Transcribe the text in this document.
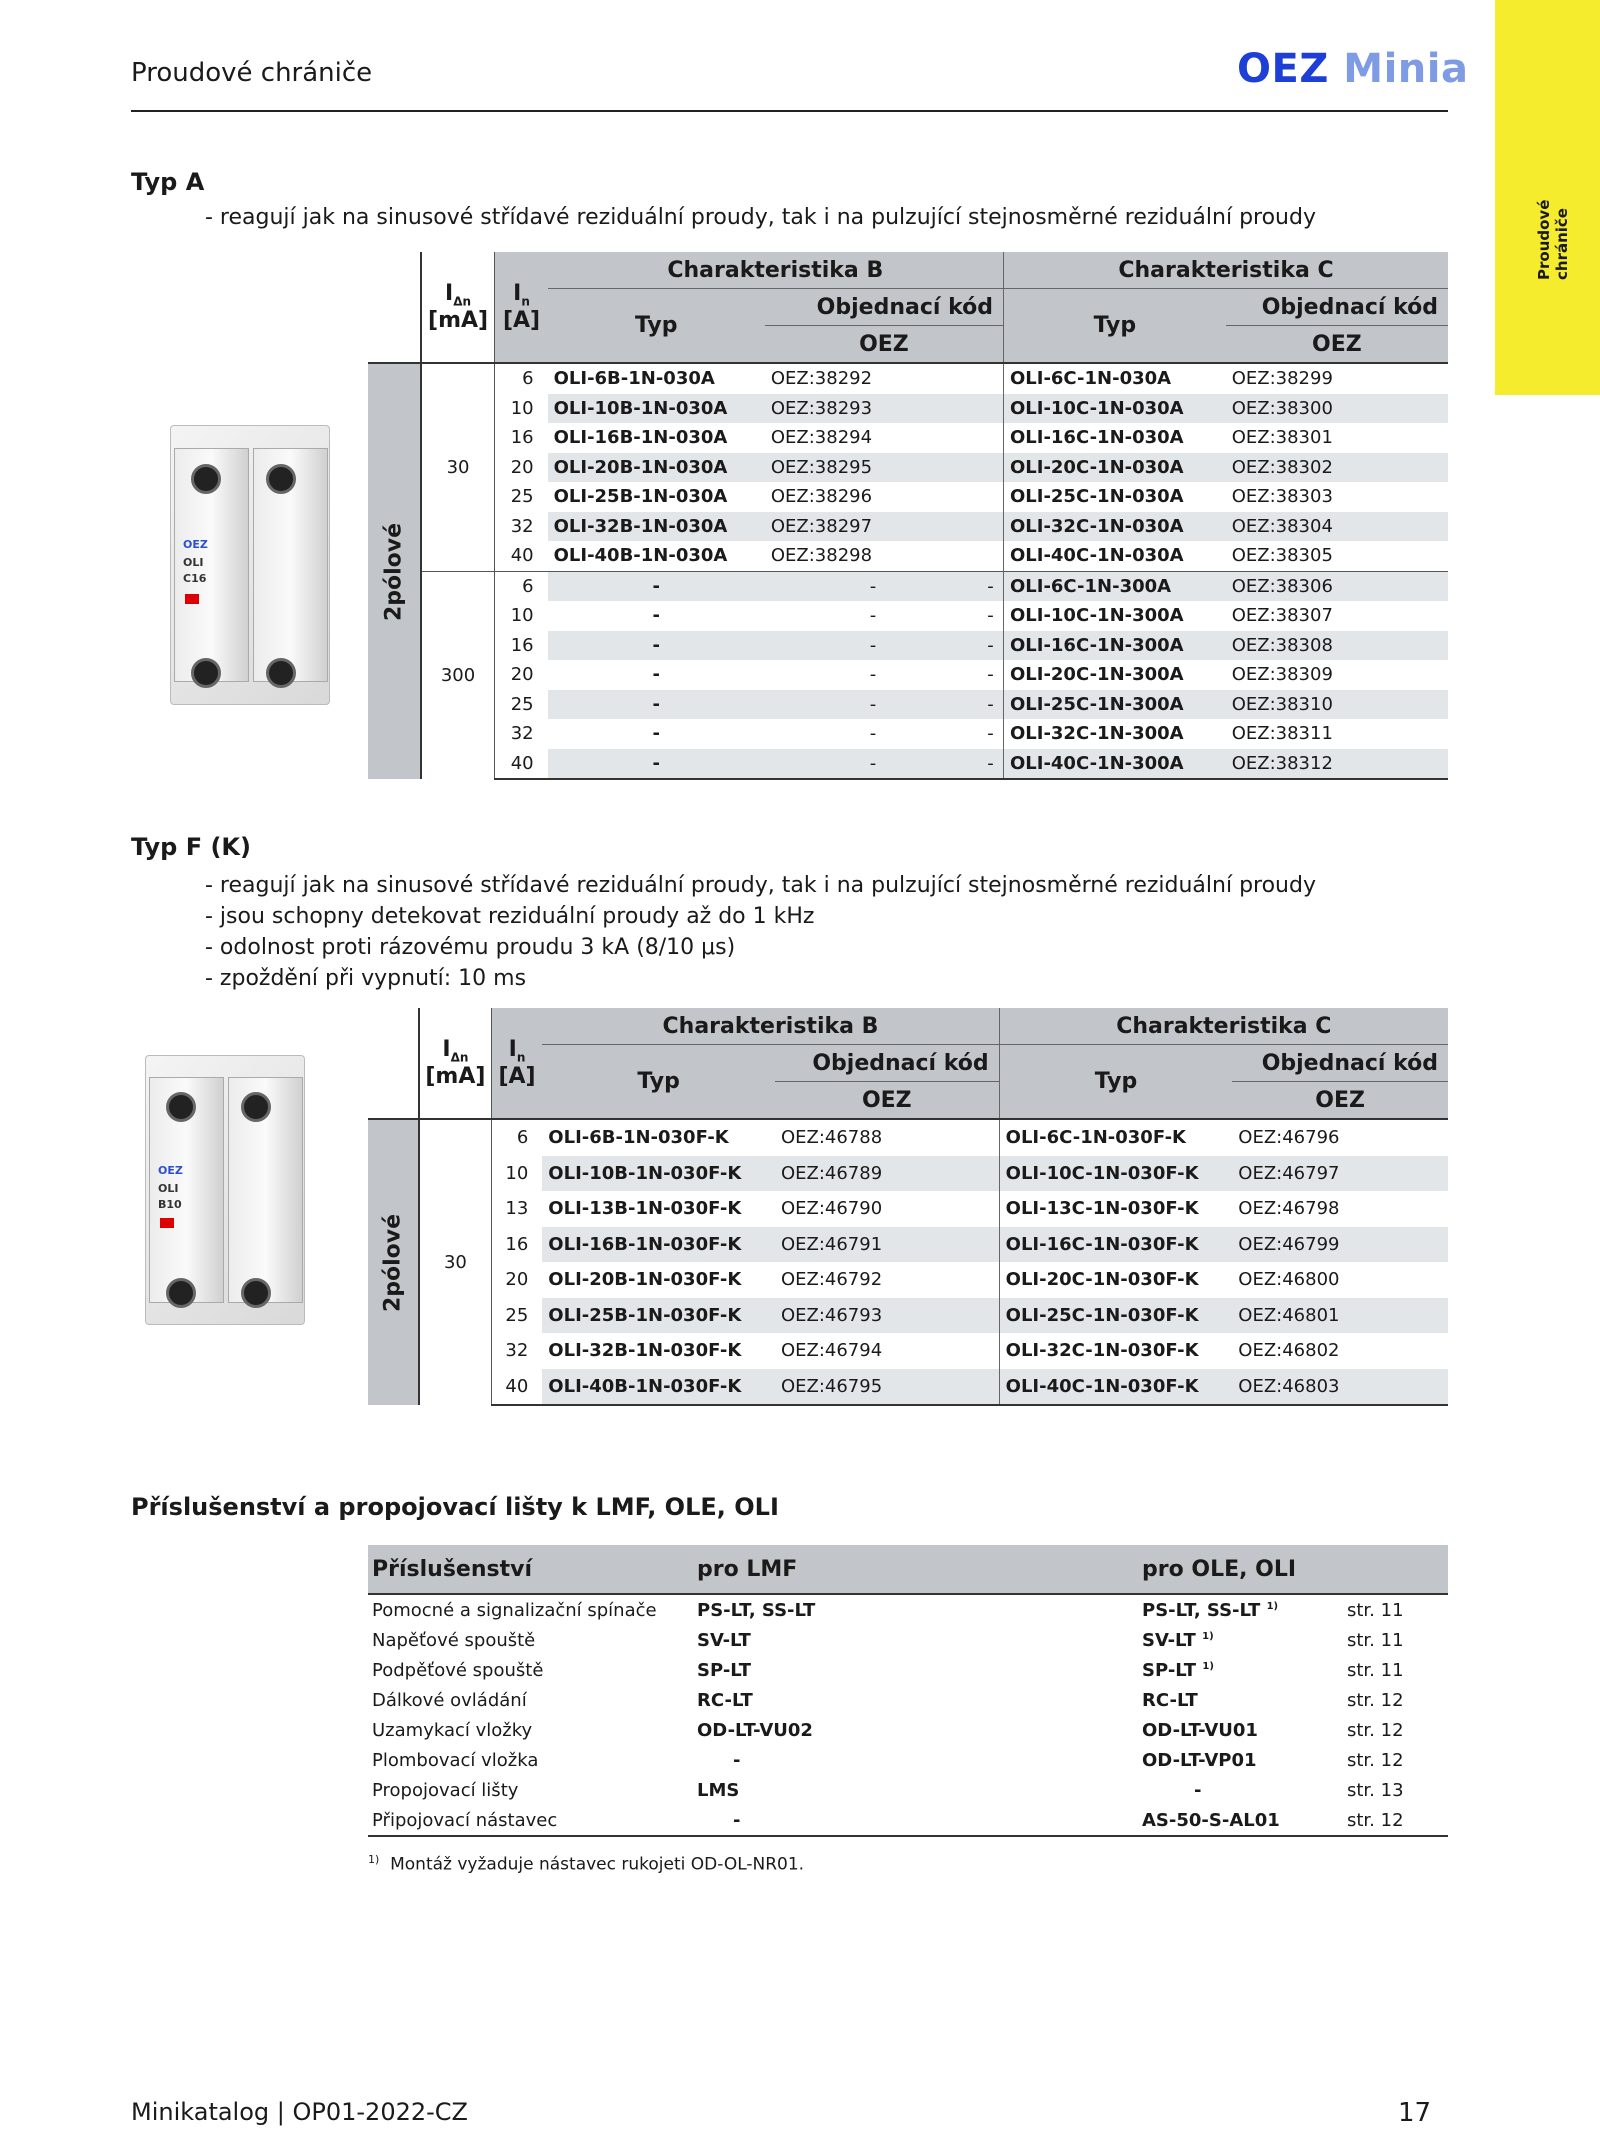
Proudové chrániče	OEZ Minia
Proudové chrániče
Typ A
- reagují jak na sinusové střídavé reziduální proudy, tak i na pulzující stejnosměrné reziduální proudy
OEZ
OLI
C16
	$I_{\Delta n}$
[mA]	$I_n$
[A]	Charakteristika B			Charakteristika C	
			Typ	Objednací kód		Typ	Objednací kód
				OEZ			OEZ

2pólové	30	6	OLI-6B-1N-030A	OEZ:38292		OLI-6C-1N-030A	OEZ:38299
		10	OLI-10B-1N-030A	OEZ:38293		OLI-10C-1N-030A	OEZ:38300
		16	OLI-16B-1N-030A	OEZ:38294		OLI-16C-1N-030A	OEZ:38301
		20	OLI-20B-1N-030A	OEZ:38295		OLI-20C-1N-030A	OEZ:38302
		25	OLI-25B-1N-030A	OEZ:38296		OLI-25C-1N-030A	OEZ:38303
		32	OLI-32B-1N-030A	OEZ:38297		OLI-32C-1N-030A	OEZ:38304
		40	OLI-40B-1N-030A	OEZ:38298		OLI-40C-1N-030A	OEZ:38305
	300	6	-	-	-	OLI-6C-1N-300A	OEZ:38306
		10	-	-	-	OLI-10C-1N-300A	OEZ:38307
		16	-	-	-	OLI-16C-1N-300A	OEZ:38308
		20	-	-	-	OLI-20C-1N-300A	OEZ:38309
		25	-	-	-	OLI-25C-1N-300A	OEZ:38310
		32	-	-	-	OLI-32C-1N-300A	OEZ:38311
		40	-	-	-	OLI-40C-1N-300A	OEZ:38312
Typ F (K)
- reagují jak na sinusové střídavé reziduální proudy, tak i na pulzující stejnosměrné reziduální proudy
- jsou schopny detekovat reziduální proudy až do 1 kHz
- odolnost proti rázovému proudu 3 kA (8/10 μs)
- zpoždění při vypnutí: 10 ms
OEZ
OLI
B10
	$I_{\Delta n}$
[mA]	$I_n$
[A]	Charakteristika B			Charakteristika C	
			Typ	Objednací kód		Typ	Objednací kód
				OEZ			OEZ

2pólové	30	6	OLI-6B-1N-030F-K	OEZ:46788		OLI-6C-1N-030F-K	OEZ:46796
		10	OLI-10B-1N-030F-K	OEZ:46789		OLI-10C-1N-030F-K	OEZ:46797
		13	OLI-13B-1N-030F-K	OEZ:46790		OLI-13C-1N-030F-K	OEZ:46798
		16	OLI-16B-1N-030F-K	OEZ:46791		OLI-16C-1N-030F-K	OEZ:46799
		20	OLI-20B-1N-030F-K	OEZ:46792		OLI-20C-1N-030F-K	OEZ:46800
		25	OLI-25B-1N-030F-K	OEZ:46793		OLI-25C-1N-030F-K	OEZ:46801
		32	OLI-32B-1N-030F-K	OEZ:46794		OLI-32C-1N-030F-K	OEZ:46802
		40	OLI-40B-1N-030F-K	OEZ:46795		OLI-40C-1N-030F-K	OEZ:46803
Příslušenství a propojovací lišty k LMF, OLE, OLI
Příslušenství	pro LMF	pro OLE, OLI	
Pomocné a signalizační spínače	PS-LT, SS-LT	PS-LT, SS-LT $^{1)}$	str. 11
Napěťové spouště	SV-LT	SV-LT $^{1)}$	str. 11
Podpěťové spouště	SP-LT	SP-LT $^{1)}$	str. 11
Dálkové ovládání	RC-LT	RC-LT	str. 12
Uzamykací vložky	OD-LT-VU02	OD-LT-VU01	str. 12
Plombovací vložka	-	OD-LT-VP01	str. 12
Propojovací lišty	LMS	-	str. 13
Připojovací nástavec	-	AS-50-S-AL01	str. 12
$^{1)}$ Montáž vyžaduje nástavec rukojeti OD-OL-NR01.
Minikatalog | OP01-2022-CZ	17
